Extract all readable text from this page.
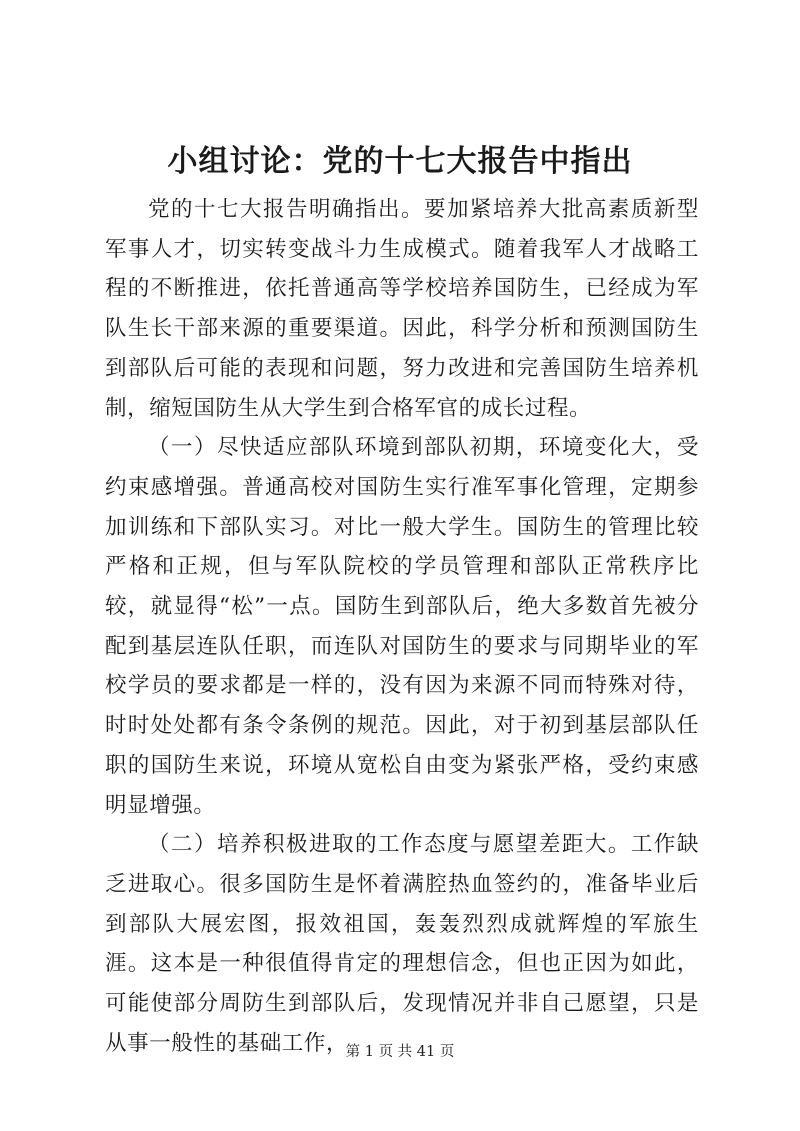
小组讨论：党的十七大报告中指出

党的十七大报告明确指出。要加紧培养大批高素质新型军事人才，切实转变战斗力生成模式。随着我军人才战略工程的不断推进，依托普通高等学校培养国防生，已经成为军队生长干部来源的重要渠道。因此，科学分析和预测国防生到部队后可能的表现和问题，努力改进和完善国防生培养机制，缩短国防生从大学生到合格军官的成长过程。

（一）尽快适应部队环境到部队初期，环境变化大，受约束感增强。普通高校对国防生实行准军事化管理，定期参加训练和下部队实习。对比一般大学生。国防生的管理比较严格和正规，但与军队院校的学员管理和部队正常秩序比较，就显得“松”一点。国防生到部队后，绝大多数首先被分配到基层连队任职，而连队对国防生的要求与同期毕业的军校学员的要求都是一样的，没有因为来源不同而特殊对待，时时处处都有条令条例的规范。因此，对于初到基层部队任职的国防生来说，环境从宽松自由变为紧张严格，受约束感明显增强。

（二）培养积极进取的工作态度与愿望差距大。工作缺乏进取心。很多国防生是怀着满腔热血签约的，准备毕业后到部队大展宏图，报效祖国，轰轰烈烈成就辉煌的军旅生涯。这本是一种很值得肯定的理想信念，但也正因为如此，可能使部分周防生到部队后，发现情况并非自己愿望，只是从事一般性的基础工作，

第 1 页 共 41 页
